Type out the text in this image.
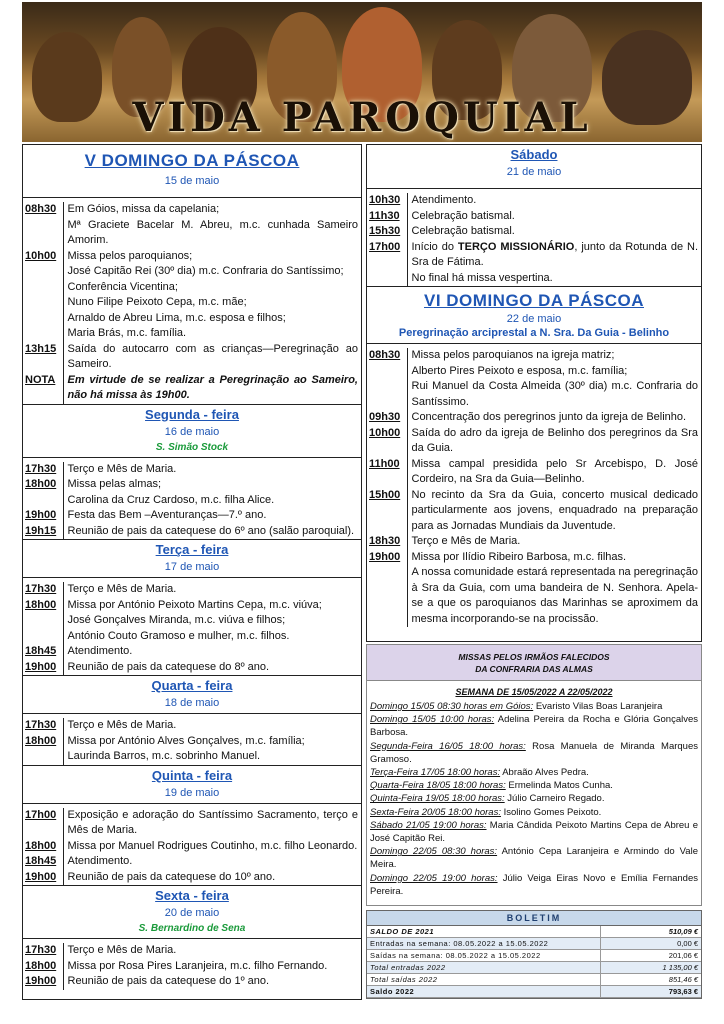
VIDA PAROQUIAL
V DOMINGO DA PÁSCOA
15 de maio
08h30	Em Góios, missa da capelania;
	Mª Graciete Bacelar M. Abreu, m.c. cunhada Sameiro Amorim.
10h00	Missa pelos paroquianos;
	José Capitão Rei (30º dia) m.c. Confraria do Santíssimo;
	Conferência Vicentina;
	Nuno Filipe Peixoto Cepa, m.c. mãe;
	Arnaldo de Abreu Lima, m.c. esposa e filhos;
	Maria Brás, m.c. família.
13h15	Saída do autocarro com as crianças—Peregrinação ao Sameiro.
NOTA	Em virtude de se realizar a Peregrinação ao Sameiro, não há missa às 19h00.
Segunda - feira
16 de maio
S. Simão Stock
17h30	Terço e Mês de Maria.
18h00	Missa pelas almas;
	Carolina da Cruz Cardoso, m.c. filha Alice.
19h00	Festa das Bem –Aventuranças—7.º ano.
19h15	Reunião de pais da catequese do 6º ano (salão paroquial).
Terça - feira
17 de maio
17h30	Terço e Mês de Maria.
18h00	Missa por António Peixoto Martins Cepa, m.c. viúva;
	José Gonçalves Miranda, m.c. viúva e filhos;
	António Couto Gramoso e mulher, m.c. filhos.
18h45	Atendimento.
19h00	Reunião de pais da catequese do 8º ano.
Quarta - feira
18 de maio
17h30	Terço e Mês de Maria.
18h00	Missa por António Alves Gonçalves, m.c. família;
	Laurinda Barros, m.c. sobrinho Manuel.
Quinta - feira
19 de maio
17h00	Exposição e adoração do Santíssimo Sacramento, terço e Mês de Maria.
18h00	Missa por Manuel Rodrigues Coutinho, m.c. filho Leonardo.
18h45	Atendimento.
19h00	Reunião de pais da catequese do 10º ano.
Sexta - feira
20 de maio
S. Bernardino de Sena
17h30	Terço e Mês de Maria.
18h00	Missa por Rosa Pires Laranjeira, m.c. filho Fernando.
19h00	Reunião de pais da catequese do 1º ano.
Sábado
21 de maio
10h30	Atendimento.
11h30	Celebração batismal.
15h30	Celebração batismal.
17h00	Início do TERÇO MISSIONÁRIO, junto da Rotunda de N. Sra de Fátima.
	No final há missa vespertina.
VI DOMINGO DA PÁSCOA
22 de maio
Peregrinação arciprestal a N. Sra. Da Guia - Belinho
08h30	Missa pelos paroquianos na igreja matriz;
	Alberto Pires Peixoto e esposa, m.c. família;
	Rui Manuel da Costa Almeida (30º dia) m.c. Confraria do Santíssimo.
09h30	Concentração dos peregrinos junto da igreja de Belinho.
10h00	Saída do adro da igreja de Belinho dos peregrinos da Sra da Guia.
11h00	Missa campal presidida pelo Sr Arcebispo, D. José Cordeiro, na Sra da Guia—Belinho.
15h00	No recinto da Sra da Guia, concerto musical dedicado particularmente aos jovens, enquadrado na preparação para as Jornadas Mundiais da Juventude.
18h30	Terço e Mês de Maria.
19h00	Missa por Ilídio Ribeiro Barbosa, m.c. filhas.
	A nossa comunidade estará representada na peregrinação à Sra da Guia, com uma bandeira de N. Senhora. Apela-se a que os paroquianos das Marinhas se aproximem da mesma incorporando-se na procissão.
MISSAS PELOS IRMÃOS FALECIDOS
DA CONFRARIA DAS ALMAS
SEMANA DE 15/05/2022 A 22/05/2022
Domingo 15/05 08:30 horas em Góios: Evaristo Vilas Boas Laranjeira
Domingo 15/05 10:00 horas: Adelina Pereira da Rocha e Glória Gonçalves Barbosa.
Segunda-Feira 16/05 18:00 horas: Rosa Manuela de Miranda Marques Gramoso.
Terça-Feira 17/05 18:00 horas: Abraão Alves Pedra.
Quarta-Feira 18/05 18:00 horas: Ermelinda Matos Cunha.
Quinta-Feira 19/05 18:00 horas: Júlio Carneiro Regado.
Sexta-Feira 20/05 18:00 horas: Isolino Gomes Peixoto.
Sábado 21/05 19:00 horas: Maria Cândida Peixoto Martins Cepa de Abreu e José Capitão Rei.
Domingo 22/05 08:30 horas: António Cepa Laranjeira e Armindo do Vale Meira.
Domingo 22/05 19:00 horas: Júlio Veiga Eiras Novo e Emília Fernandes Pereira.
BOLETIM
SALDO DE 2021	510,09 €
Entradas na semana: 08.05.2022 a 15.05.2022	0,00 €
Saídas na semana: 08.05.2022 a 15.05.2022	201,06 €
Total entradas 2022	1 135,00 €
Total saídas 2022	851,46 €
Saldo 2022	793,63 €
